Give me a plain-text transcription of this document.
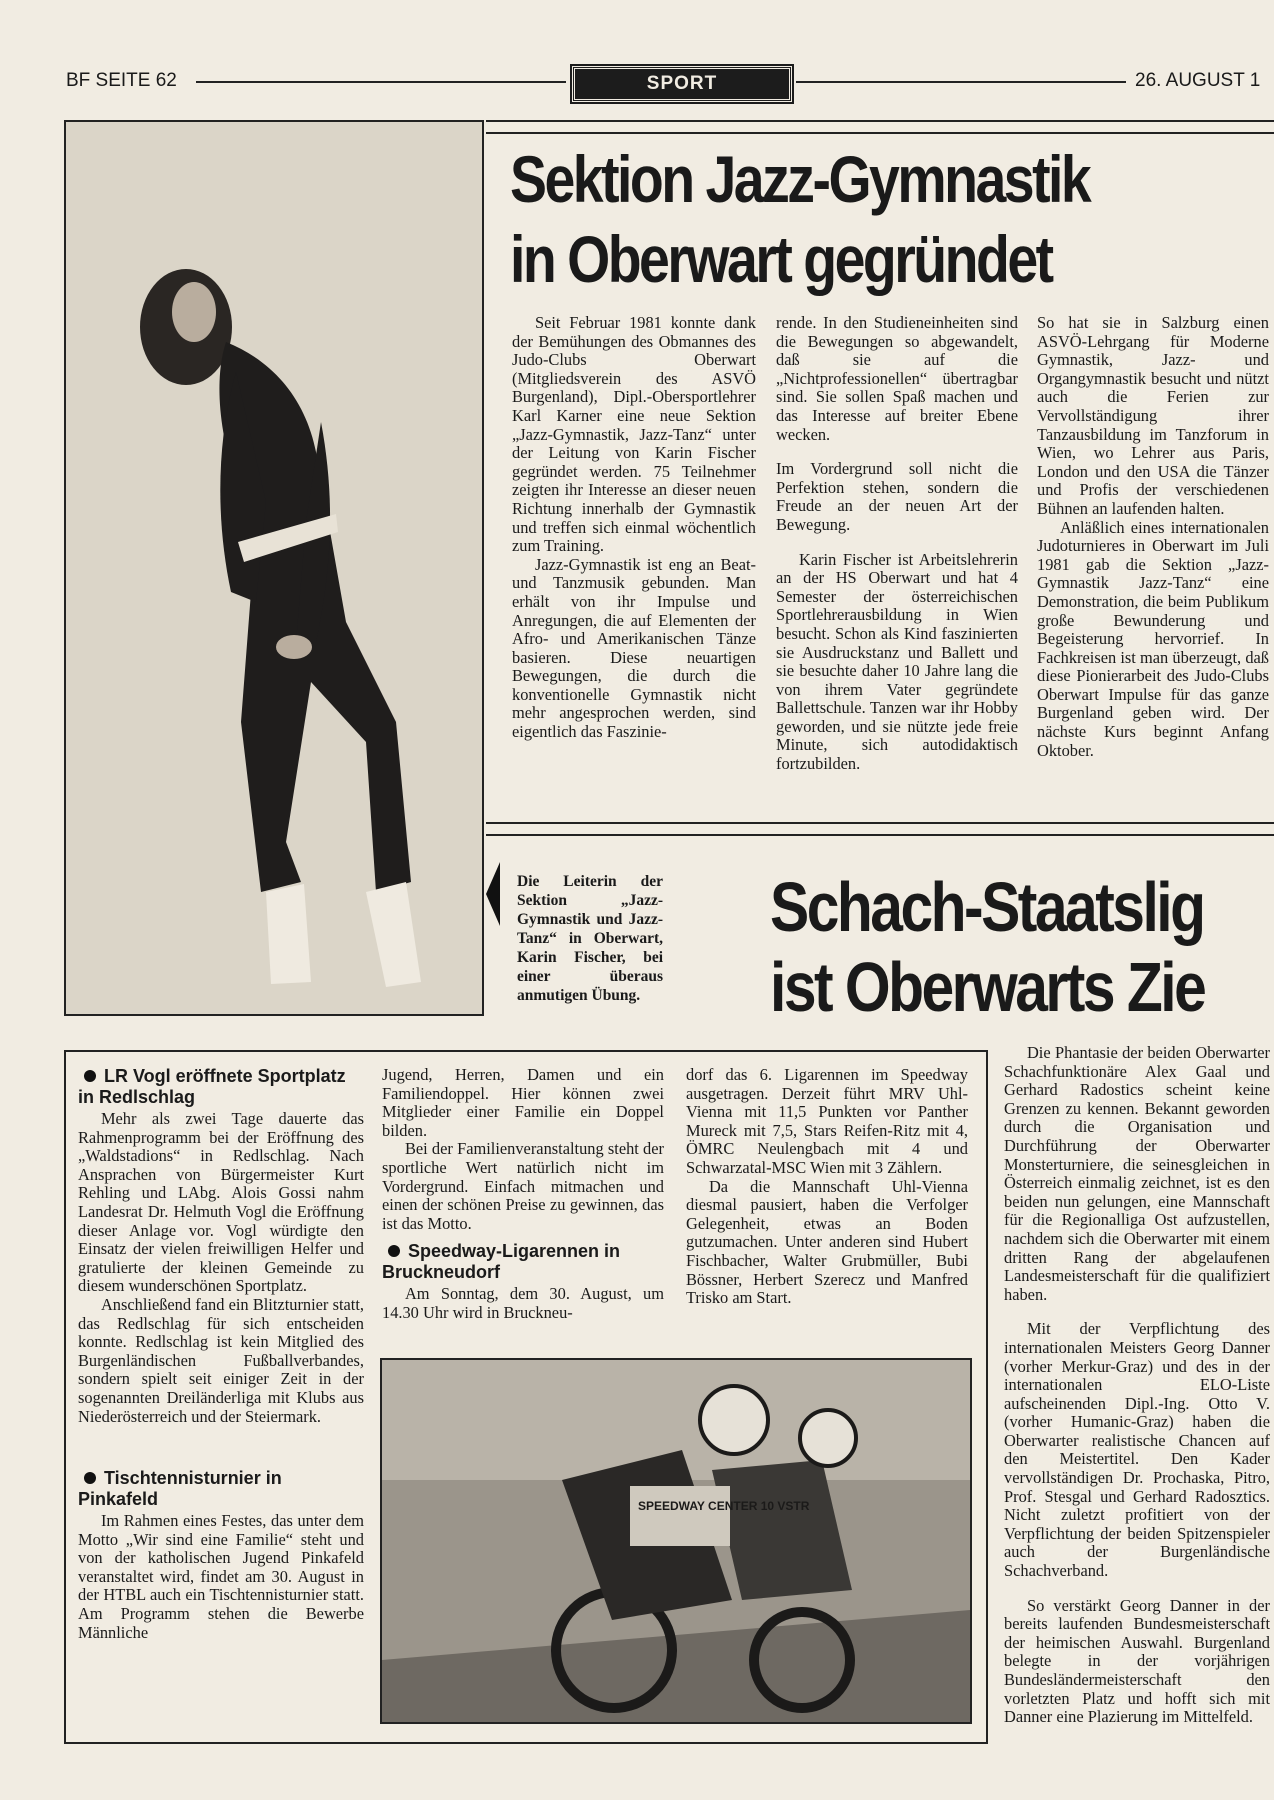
BF SEITE 62	SPORT	26. AUGUST 1
Die Leiterin der Sektion „Jazz-Gymnastik und Jazz-Tanz“ in Oberwart, Karin Fischer, bei einer überaus anmutigen Übung.
Sektion Jazz-Gymnastik
in Oberwart gegründet

Seit Februar 1981 konnte dank der Bemühungen des Obmannes des Judo-Clubs Oberwart (Mitgliedsverein des ASVÖ Burgenland), Dipl.-Obersportlehrer Karl Karner eine neue Sektion „Jazz-Gymnastik, Jazz-Tanz“ unter der Leitung von Karin Fischer gegründet werden. 75 Teilnehmer zeigten ihr Interesse an dieser neuen Richtung innerhalb der Gymnastik und treffen sich einmal wöchentlich zum Training.

Jazz-Gymnastik ist eng an Beat- und Tanzmusik gebunden. Man erhält von ihr Impulse und Anregungen, die auf Elementen der Afro- und Amerikanischen Tänze basieren. Diese neuartigen Bewegungen, die durch die konventionelle Gymnastik nicht mehr angesprochen werden, sind eigentlich das Faszinie-

rende. In den Studieneinheiten sind die Bewegungen so abgewandelt, daß sie auf die „Nichtprofessionellen“ übertragbar sind. Sie sollen Spaß machen und das Interesse auf breiter Ebene wecken.

Im Vordergrund soll nicht die Perfektion stehen, sondern die Freude an der neuen Art der Bewegung.

Karin Fischer ist Arbeitslehrerin an der HS Oberwart und hat 4 Semester der österreichischen Sportlehrerausbildung in Wien besucht. Schon als Kind faszinierten sie Ausdruckstanz und Ballett und sie besuchte daher 10 Jahre lang die von ihrem Vater gegründete Ballettschule. Tanzen war ihr Hobby geworden, und sie nützte jede freie Minute, sich autodidaktisch fortzubilden.

So hat sie in Salzburg einen ASVÖ-Lehrgang für Moderne Gymnastik, Jazz- und Organgymnastik besucht und nützt auch die Ferien zur Vervollständigung ihrer Tanzausbildung im Tanzforum in Wien, wo Lehrer aus Paris, London und den USA die Tänzer und Profis der verschiedenen Bühnen an laufenden halten.

Anläßlich eines internationalen Judoturnieres in Oberwart im Juli 1981 gab die Sektion „Jazz-Gymnastik Jazz-Tanz“ eine Demonstration, die beim Publikum große Bewunderung und Begeisterung hervorrief. In Fachkreisen ist man überzeugt, daß diese Pionierarbeit des Judo-Clubs Oberwart Impulse für das ganze Burgenland geben wird. Der nächste Kurs beginnt Anfang Oktober.

Schach-Staatslig
ist Oberwarts Zie
LR Vogl eröffnete Sportplatz in Redlschlag

Mehr als zwei Tage dauerte das Rahmenprogramm bei der Eröffnung des „Waldstadions“ in Redlschlag. Nach Ansprachen von Bürgermeister Kurt Rehling und LAbg. Alois Gossi nahm Landesrat Dr. Helmuth Vogl die Eröffnung dieser Anlage vor. Vogl würdigte den Einsatz der vielen freiwilligen Helfer und gratulierte der kleinen Gemeinde zu diesem wunderschönen Sportplatz.

Anschließend fand ein Blitzturnier statt, das Redlschlag für sich entscheiden konnte. Redlschlag ist kein Mitglied des Burgenländischen Fußballverbandes, sondern spielt seit einiger Zeit in der sogenannten Dreiländerliga mit Klubs aus Niederösterreich und der Steiermark.

Tischtennisturnier in Pinkafeld

Im Rahmen eines Festes, das unter dem Motto „Wir sind eine Familie“ steht und von der katholischen Jugend Pinkafeld veranstaltet wird, findet am 30. August in der HTBL auch ein Tischtennisturnier statt. Am Programm stehen die Bewerbe Männliche

Jugend, Herren, Damen und ein Familiendoppel. Hier können zwei Mitglieder einer Familie ein Doppel bilden.

Bei der Familienveranstaltung steht der sportliche Wert natürlich nicht im Vordergrund. Einfach mitmachen und einen der schönen Preise zu gewinnen, das ist das Motto.

Speedway-Ligarennen in Bruckneudorf

Am Sonntag, dem 30. August, um 14.30 Uhr wird in Bruckneu-

dorf das 6. Ligarennen im Speedway ausgetragen. Derzeit führt MRV Uhl-Vienna mit 11,5 Punkten vor Panther Mureck mit 7,5, Stars Reifen-Ritz mit 4, ÖMRC Neulengbach mit 4 und Schwarzatal-MSC Wien mit 3 Zählern.

Da die Mannschaft Uhl-Vienna diesmal pausiert, haben die Verfolger Gelegenheit, etwas an Boden gutzumachen. Unter anderen sind Hubert Fischbacher, Walter Grubmüller, Bubi Bössner, Herbert Szerecz und Manfred Trisko am Start.

SPEEDWAY CENTER 10 VSTR

Die Phantasie der beiden Oberwarter Schachfunktionäre Alex Gaal und Gerhard Radostics scheint keine Grenzen zu kennen. Bekannt geworden durch die Organisation und Durchführung der Oberwarter Monsterturniere, die seinesgleichen in Österreich einmalig zeichnet, ist es den beiden nun gelungen, eine Mannschaft für die Regionalliga Ost aufzustellen, nachdem sich die Oberwarter mit einem dritten Rang der abgelaufenen Landesmeisterschaft für die qualifiziert haben.

Mit der Verpflichtung des internationalen Meisters Georg Danner (vorher Merkur-Graz) und des in der internationalen ELO-Liste aufscheinenden Dipl.-Ing. Otto V. (vorher Humanic-Graz) haben die Oberwarter realistische Chancen auf den Meistertitel. Den Kader vervollständigen Dr. Prochaska, Pitro, Prof. Stesgal und Gerhard Radosztics. Nicht zuletzt profitiert von der Verpflichtung der beiden Spitzenspieler auch der Burgenländische Schachverband.

So verstärkt Georg Danner in der bereits laufenden Bundesmeisterschaft der heimischen Auswahl. Burgenland belegte in der vorjährigen Bundesländermeisterschaft den vorletzten Platz und hofft sich mit Danner eine Plazierung im Mittelfeld.
